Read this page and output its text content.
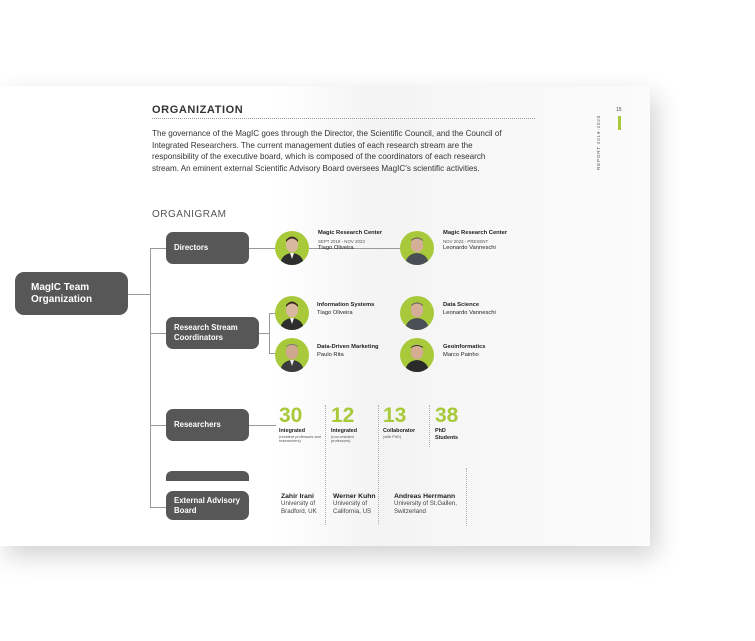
ORGANIZATION
The governance of the MagIC goes through the Director, the Scientific Council, and the Council of Integrated Researchers. The current management duties of each research stream are the responsibility of the executive board, which is composed of the coordinators of each research stream. An eminent external Scientific Advisory Board oversees MagIC's scientific activities.
15
REPORT 2019-2020
ORGANIGRAM
MagIC Team Organization
Directors
Research Stream Coordinators
Researchers
External Advisory Board
Magic Research Center
SEPT 2019 - NOV 2023
Tiago Oliveira
Magic Research Center
NOV 2023 - PRESENT
Leonardo Vanneschi
Information Systems
Tiago Oliveira
Data Science
Leonardo Vanneschi
Data-Driven Marketing
Paulo Rita
Geoinformatics
Marco Painho
30
Integrated
(resident professors and researchers)
12
Integrated
(non-resident professors)
13
Collaborator
(with PhD)
38
PhD Students
Zahir Irani
University of Bradford, UK
Werner Kuhn
University of California, US
Andreas Herrmann
University of St.Gallen, Switzerland
